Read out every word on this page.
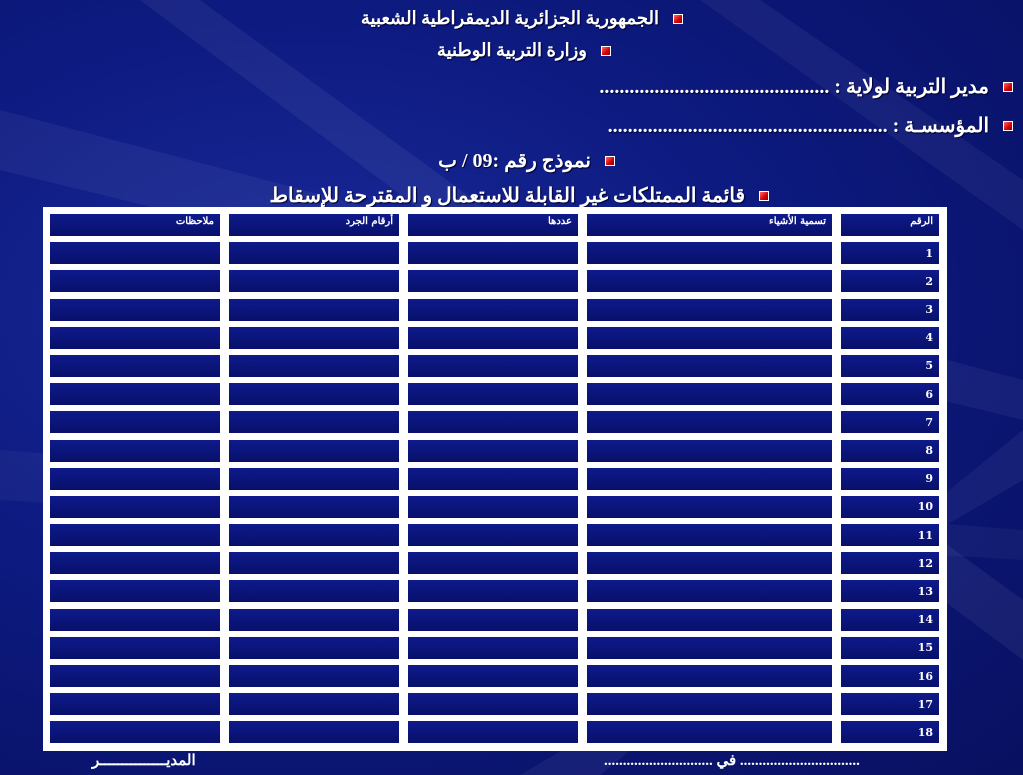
الجمهورية الجزائرية الديمقراطية الشعبية
وزارة التربية الوطنية
مدير التربية لولاية : ..............................................
المؤسسـة : ........................................................
نموذج رقم :09 / ب
قائمة الممتلكات غير القابلة للاستعمال و المقترحة للإسقاط
الرقم
تسمية الأشياء
عددها
أرقام الجرد
ملاحظات
1
2
3
4
5
6
7
8
9
10
11
12
13
14
15
16
17
18
المديـــــــــــــــر	................................ في .............................
